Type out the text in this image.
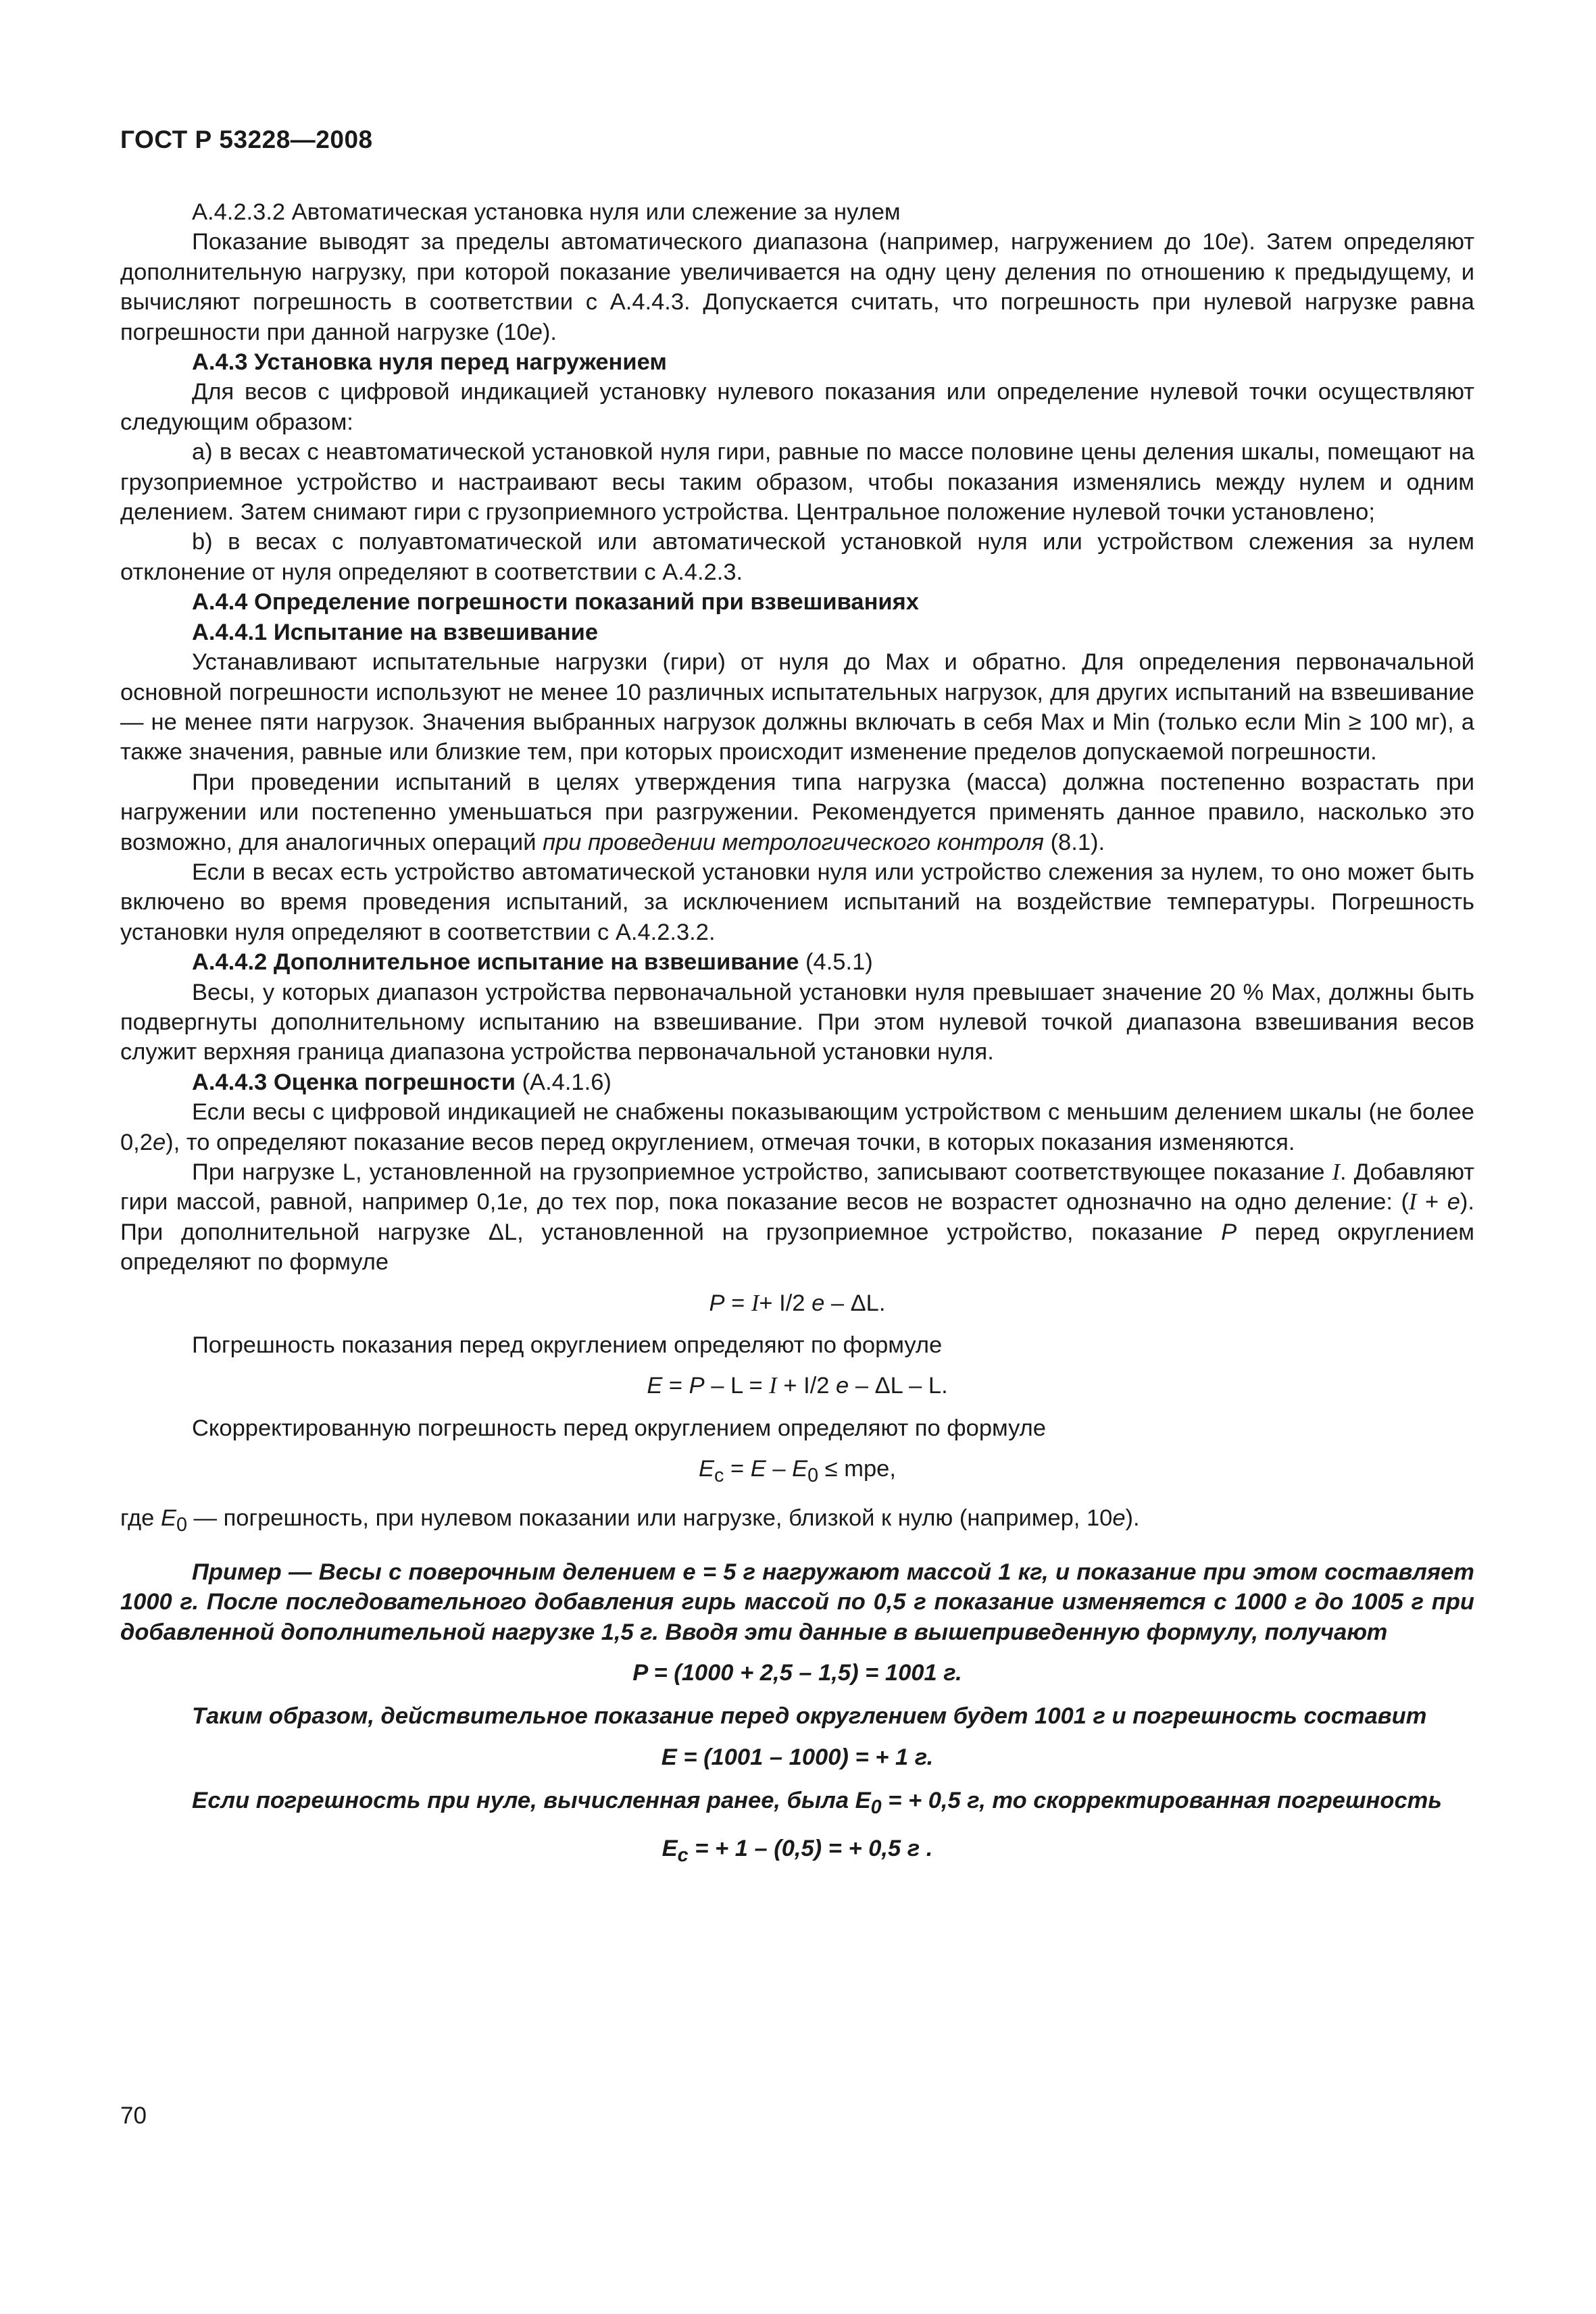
ГОСТ Р 53228—2008

А.4.2.3.2 Автоматическая установка нуля или слежение за нулем

Показание выводят за пределы автоматического диапазона (например, нагружением до 10e). Затем определяют дополнительную нагрузку, при которой показание увеличивается на одну цену деления по отношению к предыдущему, и вычисляют погрешность в соответствии с А.4.4.3. Допускается считать, что погрешность при нулевой нагрузке равна погрешности при данной нагрузке (10e).

А.4.3 Установка нуля перед нагружением

Для весов с цифровой индикацией установку нулевого показания или определение нулевой точки осуществляют следующим образом:

а) в весах с неавтоматической установкой нуля гири, равные по массе половине цены деления шкалы, помещают на грузоприемное устройство и настраивают весы таким образом, чтобы показания изменялись между нулем и одним делением. Затем снимают гири с грузоприемного устройства. Центральное положение нулевой точки установлено;

b) в весах с полуавтоматической или автоматической установкой нуля или устройством слежения за нулем отклонение от нуля определяют в соответствии с А.4.2.3.

А.4.4 Определение погрешности показаний при взвешиваниях

А.4.4.1 Испытание на взвешивание

Устанавливают испытательные нагрузки (гири) от нуля до Max и обратно. Для определения первоначальной основной погрешности используют не менее 10 различных испытательных нагрузок, для других испытаний на взвешивание — не менее пяти нагрузок. Значения выбранных нагрузок должны включать в себя Max и Min (только если Min ≥ 100 мг), а также значения, равные или близкие тем, при которых происходит изменение пределов допускаемой погрешности.

При проведении испытаний в целях утверждения типа нагрузка (масса) должна постепенно возрастать при нагружении или постепенно уменьшаться при разгружении. Рекомендуется применять данное правило, насколько это возможно, для аналогичных операций при проведении метрологического контроля (8.1).

Если в весах есть устройство автоматической установки нуля или устройство слежения за нулем, то оно может быть включено во время проведения испытаний, за исключением испытаний на воздействие температуры. Погрешность установки нуля определяют в соответствии с А.4.2.3.2.

А.4.4.2 Дополнительное испытание на взвешивание (4.5.1)

Весы, у которых диапазон устройства первоначальной установки нуля превышает значение 20 % Max, должны быть подвергнуты дополнительному испытанию на взвешивание. При этом нулевой точкой диапазона взвешивания весов служит верхняя граница диапазона устройства первоначальной установки нуля.

А.4.4.3 Оценка погрешности (А.4.1.6)

Если весы с цифровой индикацией не снабжены показывающим устройством с меньшим делением шкалы (не более 0,2e), то определяют показание весов перед округлением, отмечая точки, в которых показания изменяются.

При нагрузке L, установленной на грузоприемное устройство, записывают соответствующее показание I. Добавляют гири массой, равной, например 0,1e, до тех пор, пока показание весов не возрастет однозначно на одно деление: (I + e). При дополнительной нагрузке ΔL, установленной на грузоприемное устройство, показание P перед округлением определяют по формуле

P = I+ I/2 e – ΔL.

Погрешность показания перед округлением определяют по формуле

E = P – L = I + I/2 e – ΔL – L.

Скорректированную погрешность перед округлением определяют по формуле

$E_c = E - E_0$ ≤ mpe,

где $E_0$ — погрешность, при нулевом показании или нагрузке, близкой к нулю (например, 10e).

Пример — Весы с поверочным делением e = 5 г нагружают массой 1 кг, и показание при этом составляет 1000 г. После последовательного добавления гирь массой по 0,5 г показание изменяется с 1000 г до 1005 г при добавленной дополнительной нагрузке 1,5 г. Вводя эти данные в вышеприведенную формулу, получают

P = (1000 + 2,5 – 1,5) = 1001 г.

Таким образом, действительное показание перед округлением будет 1001 г и погрешность составит

E = (1001 – 1000) = + 1 г.

Если погрешность при нуле, вычисленная ранее, была $E_0$ = + 0,5 г, то скорректированная погрешность

$E_c$ = + 1 – (0,5) = + 0,5 г .

70
